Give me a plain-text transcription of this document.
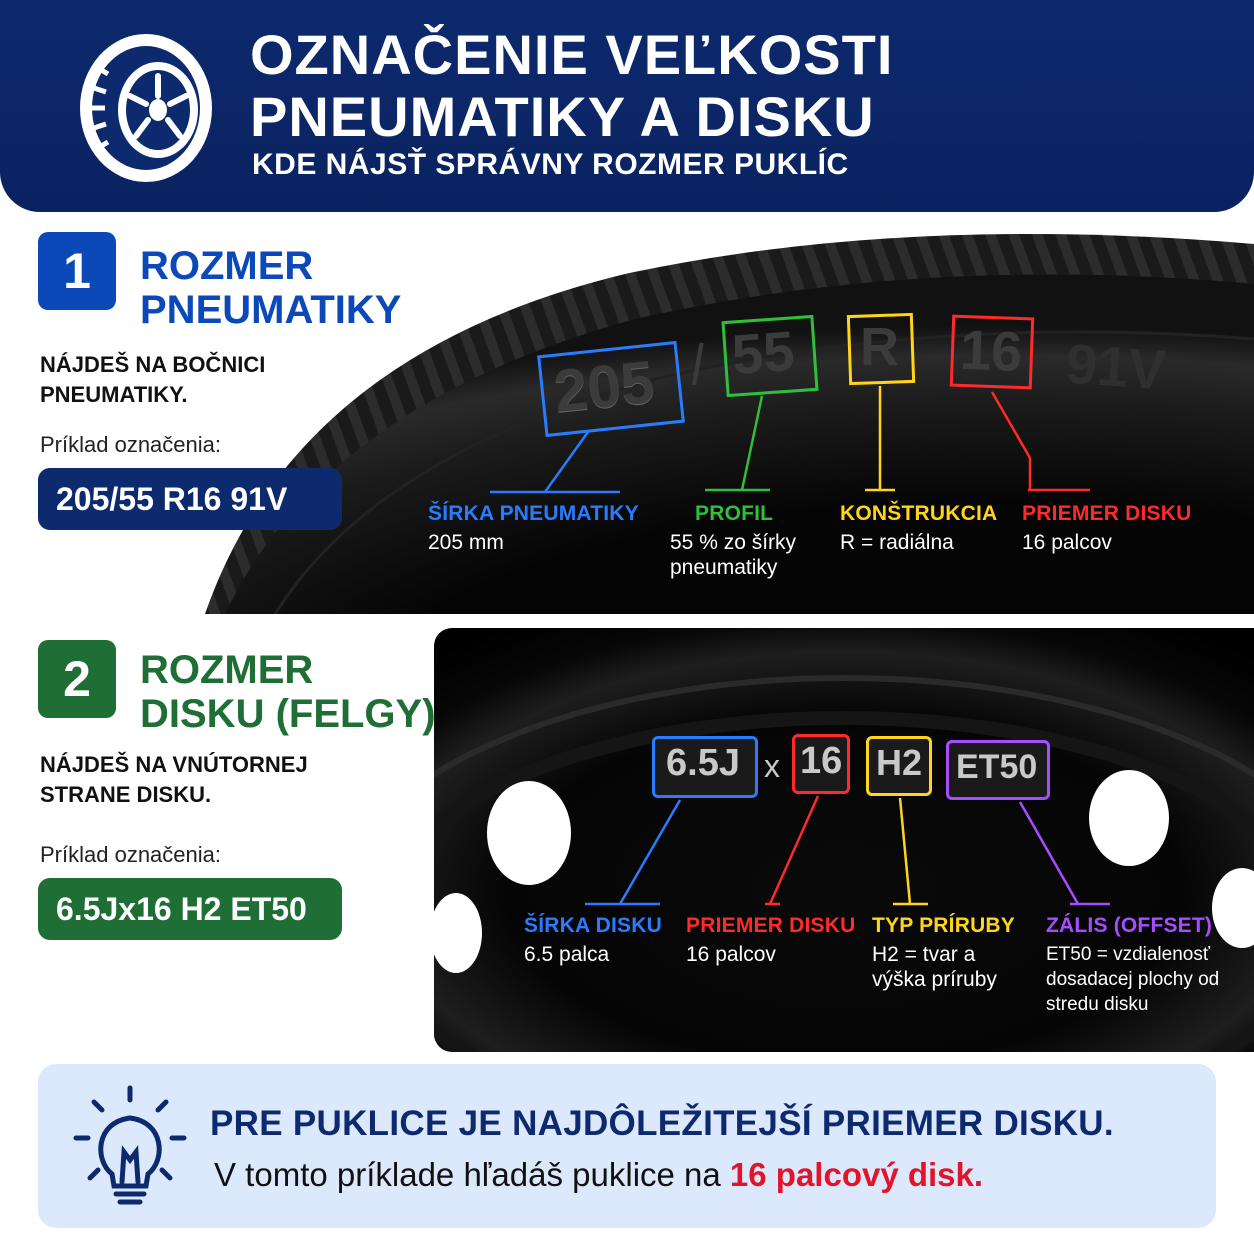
OZNAČENIE VEĽKOSTI PNEUMATIKY A DISKU
KDE NÁJSŤ SPRÁVNY ROZMER PUKLÍC
205 / 55 R 16 91V
ŠÍRKA PNEUMATIKY
205 mm
PROFIL
55 % zo šírky pneumatiky
KONŠTRUKCIA
R = radiálna
PRIEMER DISKU
16 palcov
1	ROZMER
PNEUMATIKY
NÁJDEŠ NA BOČNICI PNEUMATIKY.
Príklad označenia:
205/55 R16 91V
6.5J x 16 H2 ET50
ŠÍRKA DISKU
6.5 palca
PRIEMER DISKU
16 palcov
TYP PRÍRUBY
H2 = tvar a výška príruby
ZÁLIS (OFFSET)
ET50 = vzdialenosť dosadacej plochy od stredu disku
2	ROZMER
DISKU (FELGY)
NÁJDEŠ NA VNÚTORNEJ
STRANE DISKU.
Príklad označenia:
6.5Jx16 H2 ET50
PRE PUKLICE JE NAJDÔLEŽITEJŠÍ PRIEMER DISKU.
V tomto príklade hľadáš puklice na 16 palcový disk.
